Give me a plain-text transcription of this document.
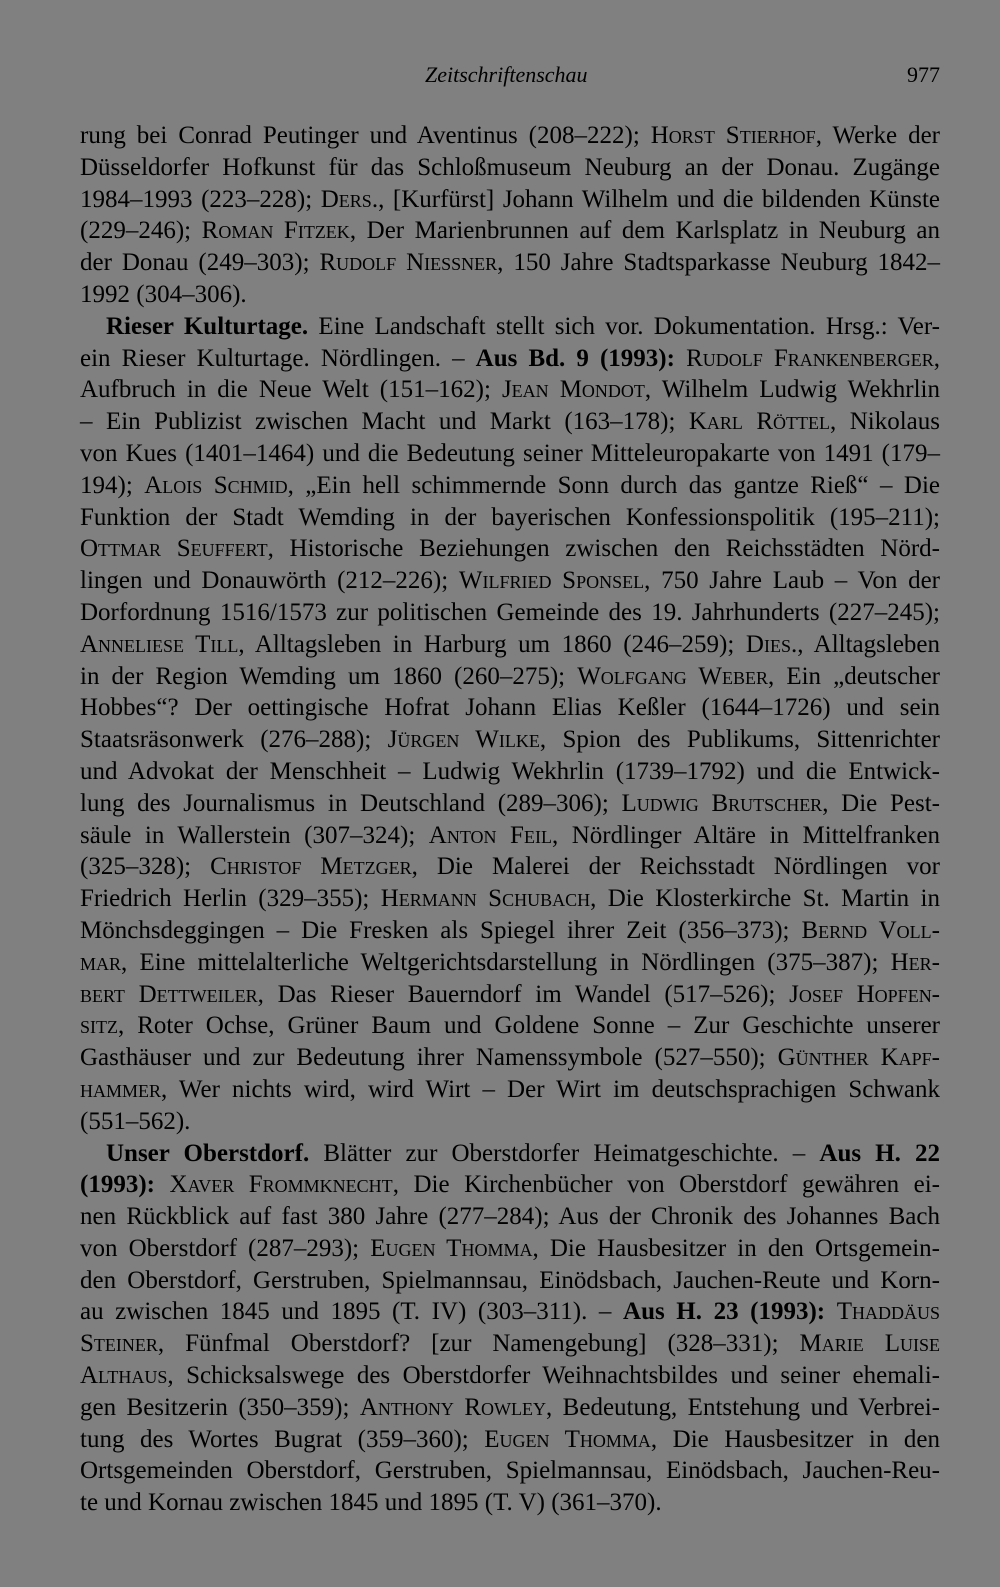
Zeitschriftenschau	977
rung bei Conrad Peutinger und Aventinus (208–222); Horst Stierhof, Werke der
Düsseldorfer Hofkunst für das Schloßmuseum Neuburg an der Donau. Zugänge
1984–1993 (223–228); Ders., [Kurfürst] Johann Wilhelm und die bildenden Künste
(229–246); Roman Fitzek, Der Marienbrunnen auf dem Karlsplatz in Neuburg an
der Donau (249–303); Rudolf Niessner, 150 Jahre Stadtsparkasse Neuburg 1842–
1992 (304–306).
Rieser Kulturtage. Eine Landschaft stellt sich vor. Dokumentation. Hrsg.: Ver-
ein Rieser Kulturtage. Nördlingen. – Aus Bd. 9 (1993): Rudolf Frankenberger,
Aufbruch in die Neue Welt (151–162); Jean Mondot, Wilhelm Ludwig Wekhrlin
– Ein Publizist zwischen Macht und Markt (163–178); Karl Röttel, Nikolaus
von Kues (1401–1464) und die Bedeutung seiner Mitteleuropakarte von 1491 (179–
194); Alois Schmid, „Ein hell schimmernde Sonn durch das gantze Rieß“ – Die
Funktion der Stadt Wemding in der bayerischen Konfessionspolitik (195–211);
Ottmar Seuffert, Historische Beziehungen zwischen den Reichsstädten Nörd-
lingen und Donauwörth (212–226); Wilfried Sponsel, 750 Jahre Laub – Von der
Dorfordnung 1516/1573 zur politischen Gemeinde des 19. Jahrhunderts (227–245);
Anneliese Till, Alltagsleben in Harburg um 1860 (246–259); Dies., Alltagsleben
in der Region Wemding um 1860 (260–275); Wolfgang Weber, Ein „deutscher
Hobbes“? Der oettingische Hofrat Johann Elias Keßler (1644–1726) und sein
Staatsräsonwerk (276–288); Jürgen Wilke, Spion des Publikums, Sittenrichter
und Advokat der Menschheit – Ludwig Wekhrlin (1739–1792) und die Entwick-
lung des Journalismus in Deutschland (289–306); Ludwig Brutscher, Die Pest-
säule in Wallerstein (307–324); Anton Feil, Nördlinger Altäre in Mittelfranken
(325–328); Christof Metzger, Die Malerei der Reichsstadt Nördlingen vor
Friedrich Herlin (329–355); Hermann Schubach, Die Klosterkirche St. Martin in
Mönchsdeggingen – Die Fresken als Spiegel ihrer Zeit (356–373); Bernd Voll-
mar, Eine mittelalterliche Weltgerichtsdarstellung in Nördlingen (375–387); Her-
bert Dettweiler, Das Rieser Bauerndorf im Wandel (517–526); Josef Hopfen-
sitz, Roter Ochse, Grüner Baum und Goldene Sonne – Zur Geschichte unserer
Gasthäuser und zur Bedeutung ihrer Namenssymbole (527–550); Günther Kapf-
hammer, Wer nichts wird, wird Wirt – Der Wirt im deutschsprachigen Schwank
(551–562).
Unser Oberstdorf. Blätter zur Oberstdorfer Heimatgeschichte. – Aus H. 22
(1993): Xaver Frommknecht, Die Kirchenbücher von Oberstdorf gewähren ei-
nen Rückblick auf fast 380 Jahre (277–284); Aus der Chronik des Johannes Bach
von Oberstdorf (287–293); Eugen Thomma, Die Hausbesitzer in den Ortsgemein-
den Oberstdorf, Gerstruben, Spielmannsau, Einödsbach, Jauchen-Reute und Korn-
au zwischen 1845 und 1895 (T. IV) (303–311). – Aus H. 23 (1993): Thaddäus
Steiner, Fünfmal Oberstdorf? [zur Namengebung] (328–331); Marie Luise
Althaus, Schicksalswege des Oberstdorfer Weihnachtsbildes und seiner ehemali-
gen Besitzerin (350–359); Anthony Rowley, Bedeutung, Entstehung und Verbrei-
tung des Wortes Bugrat (359–360); Eugen Thomma, Die Hausbesitzer in den
Ortsgemeinden Oberstdorf, Gerstruben, Spielmannsau, Einödsbach, Jauchen-Reu-
te und Kornau zwischen 1845 und 1895 (T. V) (361–370).
